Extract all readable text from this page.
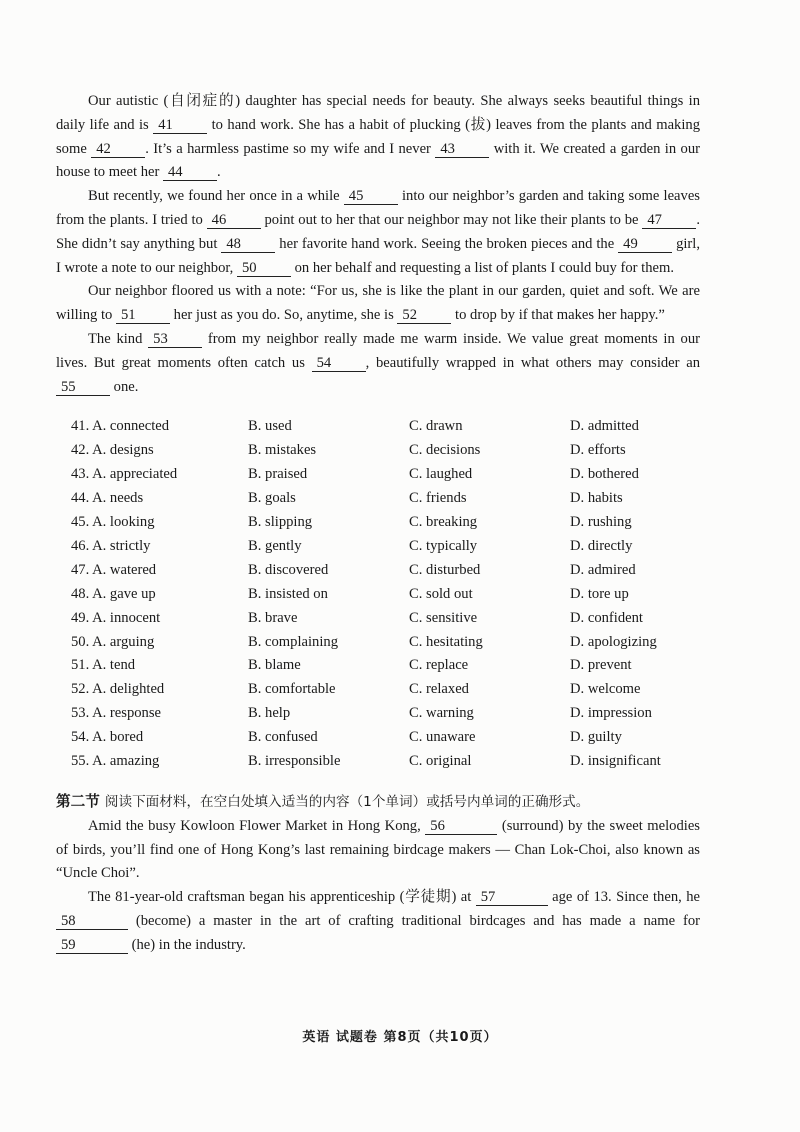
Our autistic (自闭症的) daughter has special needs for beauty. She always seeks beautiful things in daily life and is 41 to hand work. She has a habit of plucking (拔) leaves from the plants and making some 42 . It’s a harmless pastime so my wife and I never 43 with it. We created a garden in our house to meet her 44 .

But recently, we found her once in a while 45 into our neighbor’s garden and taking some leaves from the plants. I tried to 46 point out to her that our neighbor may not like their plants to be 47 . She didn’t say anything but 48 her favorite hand work. Seeing the broken pieces and the 49 girl, I wrote a note to our neighbor, 50 on her behalf and requesting a list of plants I could buy for them.

Our neighbor floored us with a note: “For us, she is like the plant in our garden, quiet and soft. We are willing to 51 her just as you do. So, anytime, she is 52 to drop by if that makes her happy.”

The kind 53 from my neighbor really made me warm inside. We value great moments in our lives. But great moments often catch us 54 , beautifully wrapped in what others may consider an 55 one.

41. A. connected	B. used	C. drawn	D. admitted
42. A. designs	B. mistakes	C. decisions	D. efforts
43. A. appreciated	B. praised	C. laughed	D. bothered
44. A. needs	B. goals	C. friends	D. habits
45. A. looking	B. slipping	C. breaking	D. rushing
46. A. strictly	B. gently	C. typically	D. directly
47. A. watered	B. discovered	C. disturbed	D. admired
48. A. gave up	B. insisted on	C. sold out	D. tore up
49. A. innocent	B. brave	C. sensitive	D. confident
50. A. arguing	B. complaining	C. hesitating	D. apologizing
51. A. tend	B. blame	C. replace	D. prevent
52. A. delighted	B. comfortable	C. relaxed	D. welcome
53. A. response	B. help	C. warning	D. impression
54. A. bored	B. confused	C. unaware	D. guilty
55. A. amazing	B. irresponsible	C. original	D. insignificant
第二节 阅读下面材料，在空白处填入适当的内容（1个单词）或括号内单词的正确形式。

Amid the busy Kowloon Flower Market in Hong Kong, 56	(surround) by the sweet melodies of birds, you’ll find one of Hong Kong’s last remaining birdcage makers — Chan Lok-Choi, also known as “Uncle Choi”.

The 81-year-old craftsman began his apprenticeship (学徒期) at 57	age of 13. Since then, he 58	(become) a master in the art of crafting traditional birdcages and has made a name for 59	(he) in the industry.

英语 试题卷 第8页（共10页）
